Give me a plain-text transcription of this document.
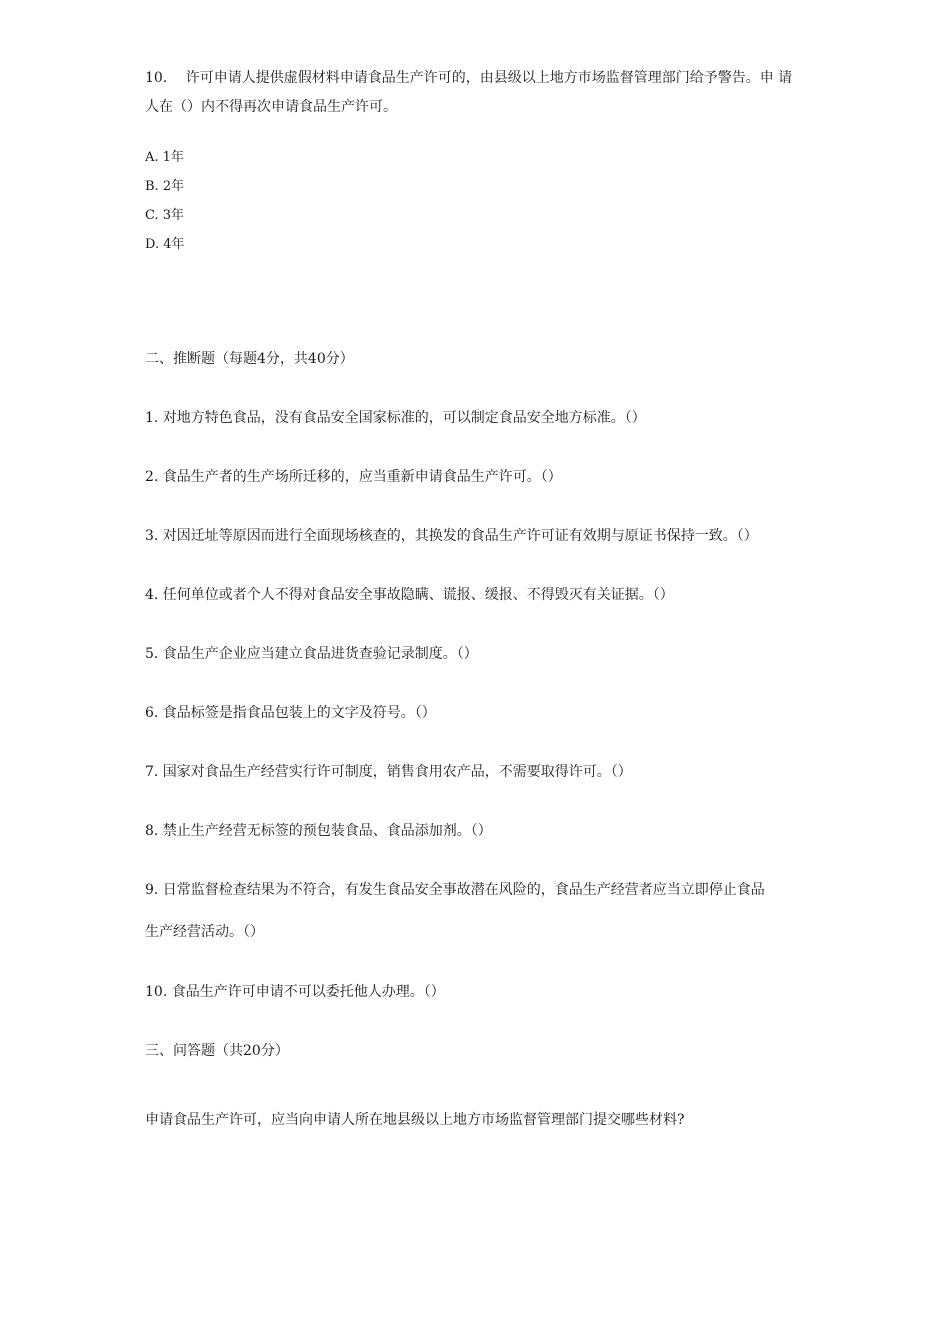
10.　 许可申请人提供虚假材料申请食品生产许可的，由县级以上地方市场监督管理部门给予警告。申 请
人在（）内不得再次申请食品生产许可。
A. 1年
B. 2年
C. 3年
D. 4年
二、推断题（每题4分，共40分）
1. 对地方特色食品，没有食品安全国家标准的，可以制定食品安全地方标准。（）
2. 食品生产者的生产场所迁移的，应当重新申请食品生产许可。（）
3. 对因迁址等原因而进行全面现场核查的，其换发的食品生产许可证有效期与原证书保持一致。（）
4. 任何单位或者个人不得对食品安全事故隐瞒、谎报、缓报、不得毁灭有关证据。（）
5. 食品生产企业应当建立食品进货查验记录制度。（）
6. 食品标签是指食品包装上的文字及符号。（）
7. 国家对食品生产经营实行许可制度，销售食用农产品，不需要取得许可。（）
8. 禁止生产经营无标签的预包装食品、食品添加剂。（）
9. 日常监督检查结果为不符合，有发生食品安全事故潜在风险的，食品生产经营者应当立即停止食品
生产经营活动。（）
10. 食品生产许可申请不可以委托他人办理。（）
三、问答题（共20分）
申请食品生产许可，应当向申请人所在地县级以上地方市场监督管理部门提交哪些材料?
